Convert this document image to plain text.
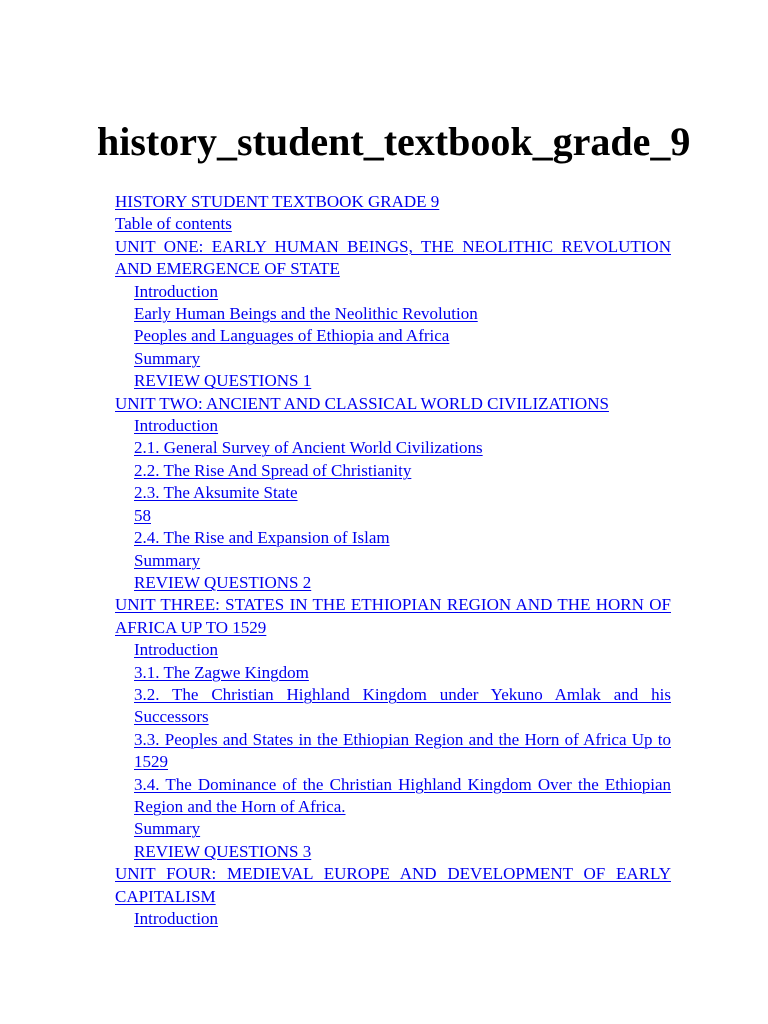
history_student_textbook_grade_9
HISTORY STUDENT TEXTBOOK GRADE 9
Table of contents
UNIT ONE: EARLY HUMAN BEINGS, THE NEOLITHIC REVOLUTION AND EMERGENCE OF STATE
Introduction
Early Human Beings and the Neolithic Revolution
Peoples and Languages of Ethiopia and Africa
Summary
REVIEW QUESTIONS 1
UNIT TWO: ANCIENT AND CLASSICAL WORLD CIVILIZATIONS
Introduction
2.1. General Survey of Ancient World Civilizations
2.2. The Rise And Spread of Christianity
2.3. The Aksumite State
58
2.4. The Rise and Expansion of Islam
Summary
REVIEW QUESTIONS 2
UNIT THREE: STATES IN THE ETHIOPIAN REGION AND THE HORN OF AFRICA UP TO 1529
Introduction
3.1. The Zagwe Kingdom
3.2. The Christian Highland Kingdom under Yekuno Amlak and his Successors
3.3. Peoples and States in the Ethiopian Region and the Horn of Africa Up to 1529
3.4. The Dominance of the Christian Highland Kingdom Over the Ethiopian Region and the Horn of Africa.
Summary
REVIEW QUESTIONS 3
UNIT FOUR: MEDIEVAL EUROPE AND DEVELOPMENT OF EARLY CAPITALISM
Introduction
